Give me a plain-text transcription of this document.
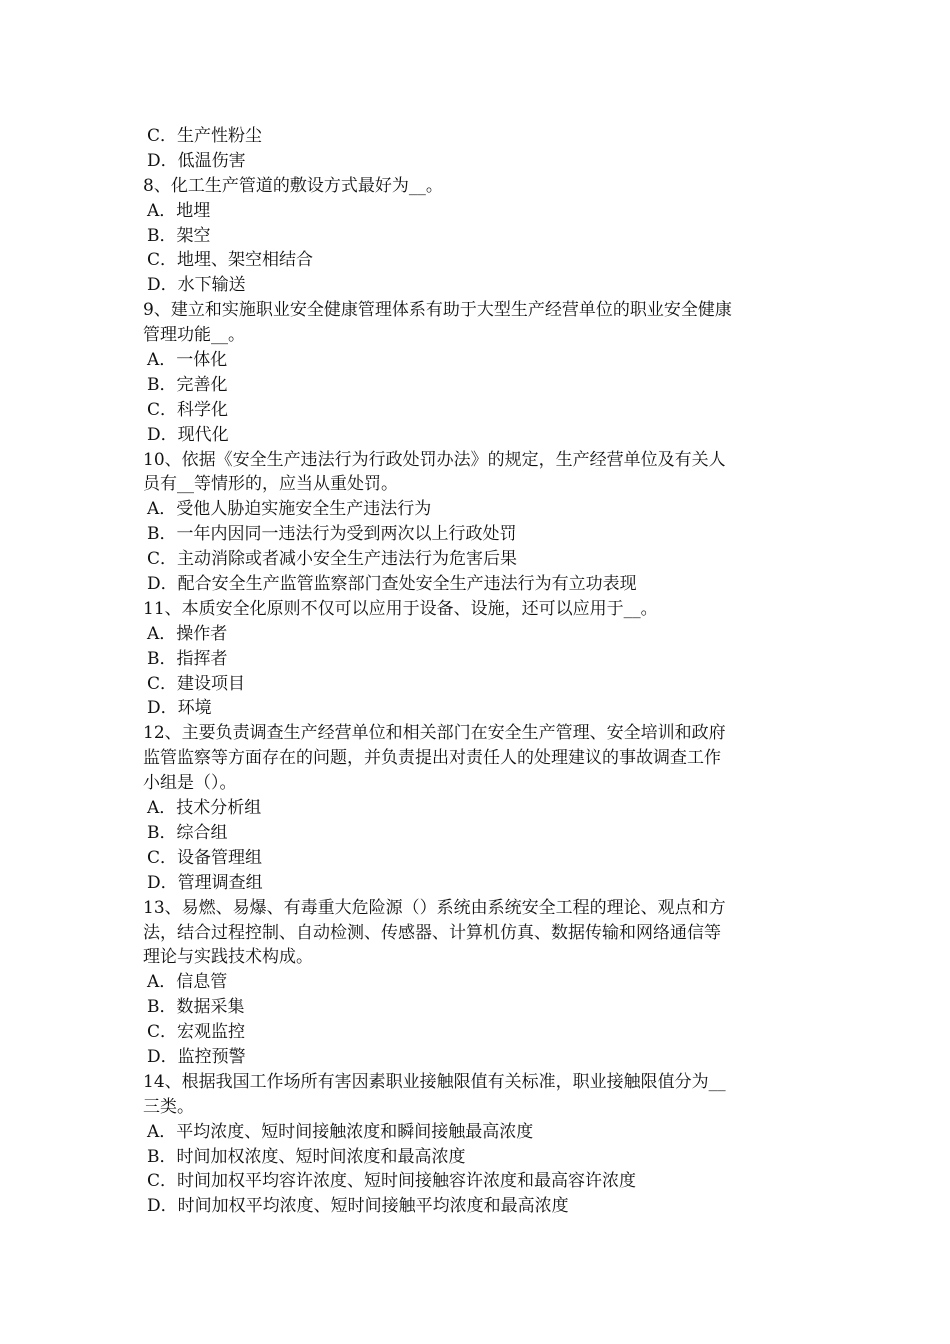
C．生产性粉尘
D．低温伤害
8、化工生产管道的敷设方式最好为__。
A．地埋
B．架空
C．地埋、架空相结合
D．水下输送
9、建立和实施职业安全健康管理体系有助于大型生产经营单位的职业安全健康
管理功能__。
A．一体化
B．完善化
C．科学化
D．现代化
10、依据《安全生产违法行为行政处罚办法》的规定，生产经营单位及有关人
员有__等情形的，应当从重处罚。
A．受他人胁迫实施安全生产违法行为
B．一年内因同一违法行为受到两次以上行政处罚
C．主动消除或者减小安全生产违法行为危害后果
D．配合安全生产监管监察部门查处安全生产违法行为有立功表现
11、本质安全化原则不仅可以应用于设备、设施，还可以应用于__。
A．操作者
B．指挥者
C．建设项目
D．环境
12、主要负责调查生产经营单位和相关部门在安全生产管理、安全培训和政府
监管监察等方面存在的问题，并负责提出对责任人的处理建议的事故调查工作
小组是（）。
A．技术分析组
B．综合组
C．设备管理组
D．管理调查组
13、易燃、易爆、有毒重大危险源（）系统由系统安全工程的理论、观点和方
法，结合过程控制、自动检测、传感器、计算机仿真、数据传输和网络通信等
理论与实践技术构成。
A．信息管
B．数据采集
C．宏观监控
D．监控预警
14、根据我国工作场所有害因素职业接触限值有关标准，职业接触限值分为__
三类。
A．平均浓度、短时间接触浓度和瞬间接触最高浓度
B．时间加权浓度、短时间浓度和最高浓度
C．时间加权平均容许浓度、短时间接触容许浓度和最高容许浓度
D．时间加权平均浓度、短时间接触平均浓度和最高浓度
